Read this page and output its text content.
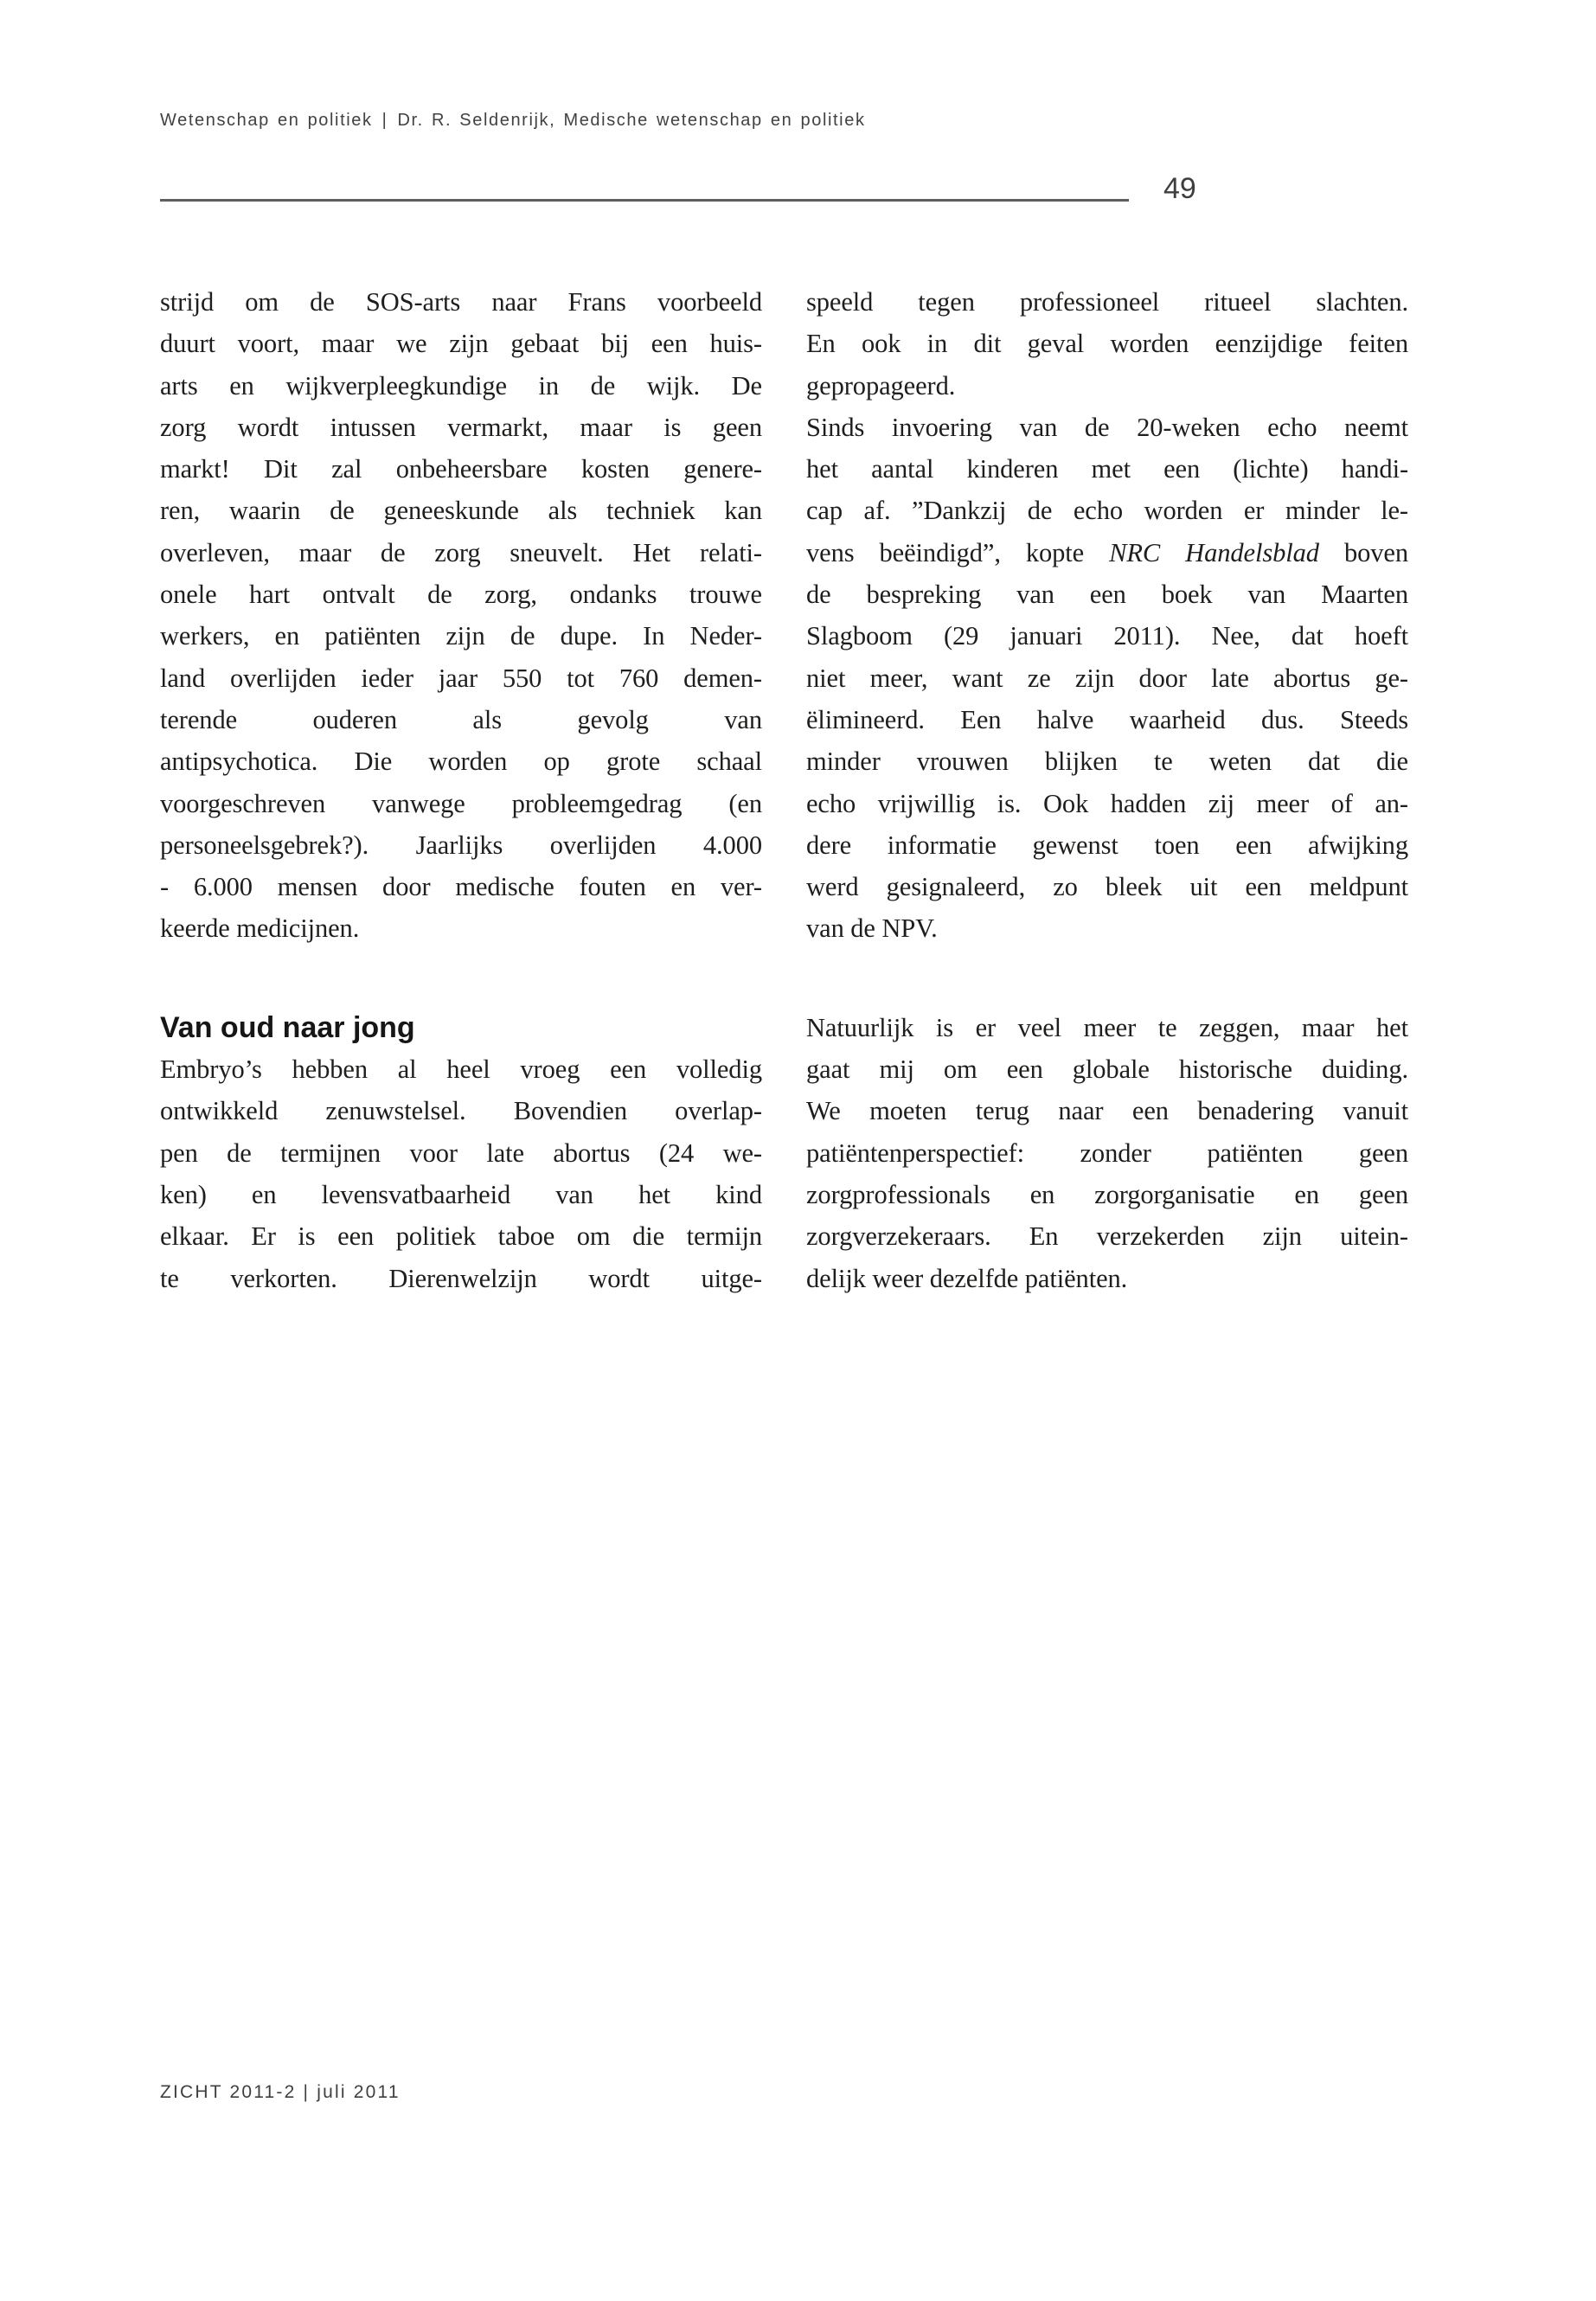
Wetenschap en politiek | Dr. R. Seldenrijk, Medische wetenschap en politiek
49
strijd om de SOS-arts naar Frans voorbeeld
duurt voort, maar we zijn gebaat bij een huis-
arts en wijkverpleegkundige in de wijk. De
zorg wordt intussen vermarkt, maar is geen
markt! Dit zal onbeheersbare kosten genere-
ren, waarin de geneeskunde als techniek kan
overleven, maar de zorg sneuvelt. Het relati-
onele hart ontvalt de zorg, ondanks trouwe
werkers, en patiënten zijn de dupe. In Neder-
land overlijden ieder jaar 550 tot 760 demen-
terende ouderen als gevolg van
antipsychotica. Die worden op grote schaal
voorgeschreven vanwege probleemgedrag (en
personeelsgebrek?). Jaarlijks overlijden 4.000
- 6.000 mensen door medische fouten en ver-
keerde medicijnen.
Van oud naar jong
Embryo’s hebben al heel vroeg een volledig
ontwikkeld zenuwstelsel. Bovendien overlap-
pen de termijnen voor late abortus (24 we-
ken) en levensvatbaarheid van het kind
elkaar. Er is een politiek taboe om die termijn
te verkorten. Dierenwelzijn wordt uitge-
speeld tegen professioneel ritueel slachten.
En ook in dit geval worden eenzijdige feiten
gepropageerd.
Sinds invoering van de 20-weken echo neemt
het aantal kinderen met een (lichte) handi-
cap af. ”Dankzij de echo worden er minder le-
vens beëindigd”, kopte NRC Handelsblad boven
de bespreking van een boek van Maarten
Slagboom (29 januari 2011). Nee, dat hoeft
niet meer, want ze zijn door late abortus ge-
ëlimineerd. Een halve waarheid dus. Steeds
minder vrouwen blijken te weten dat die
echo vrijwillig is. Ook hadden zij meer of an-
dere informatie gewenst toen een afwijking
werd gesignaleerd, zo bleek uit een meldpunt
van de NPV.
Natuurlijk is er veel meer te zeggen, maar het
gaat mij om een globale historische duiding.
We moeten terug naar een benadering vanuit
patiëntenperspectief: zonder patiënten geen
zorgprofessionals en zorgorganisatie en geen
zorgverzekeraars. En verzekerden zijn uitein-
delijk weer dezelfde patiënten.
ZICHT 2011-2 | juli 2011
